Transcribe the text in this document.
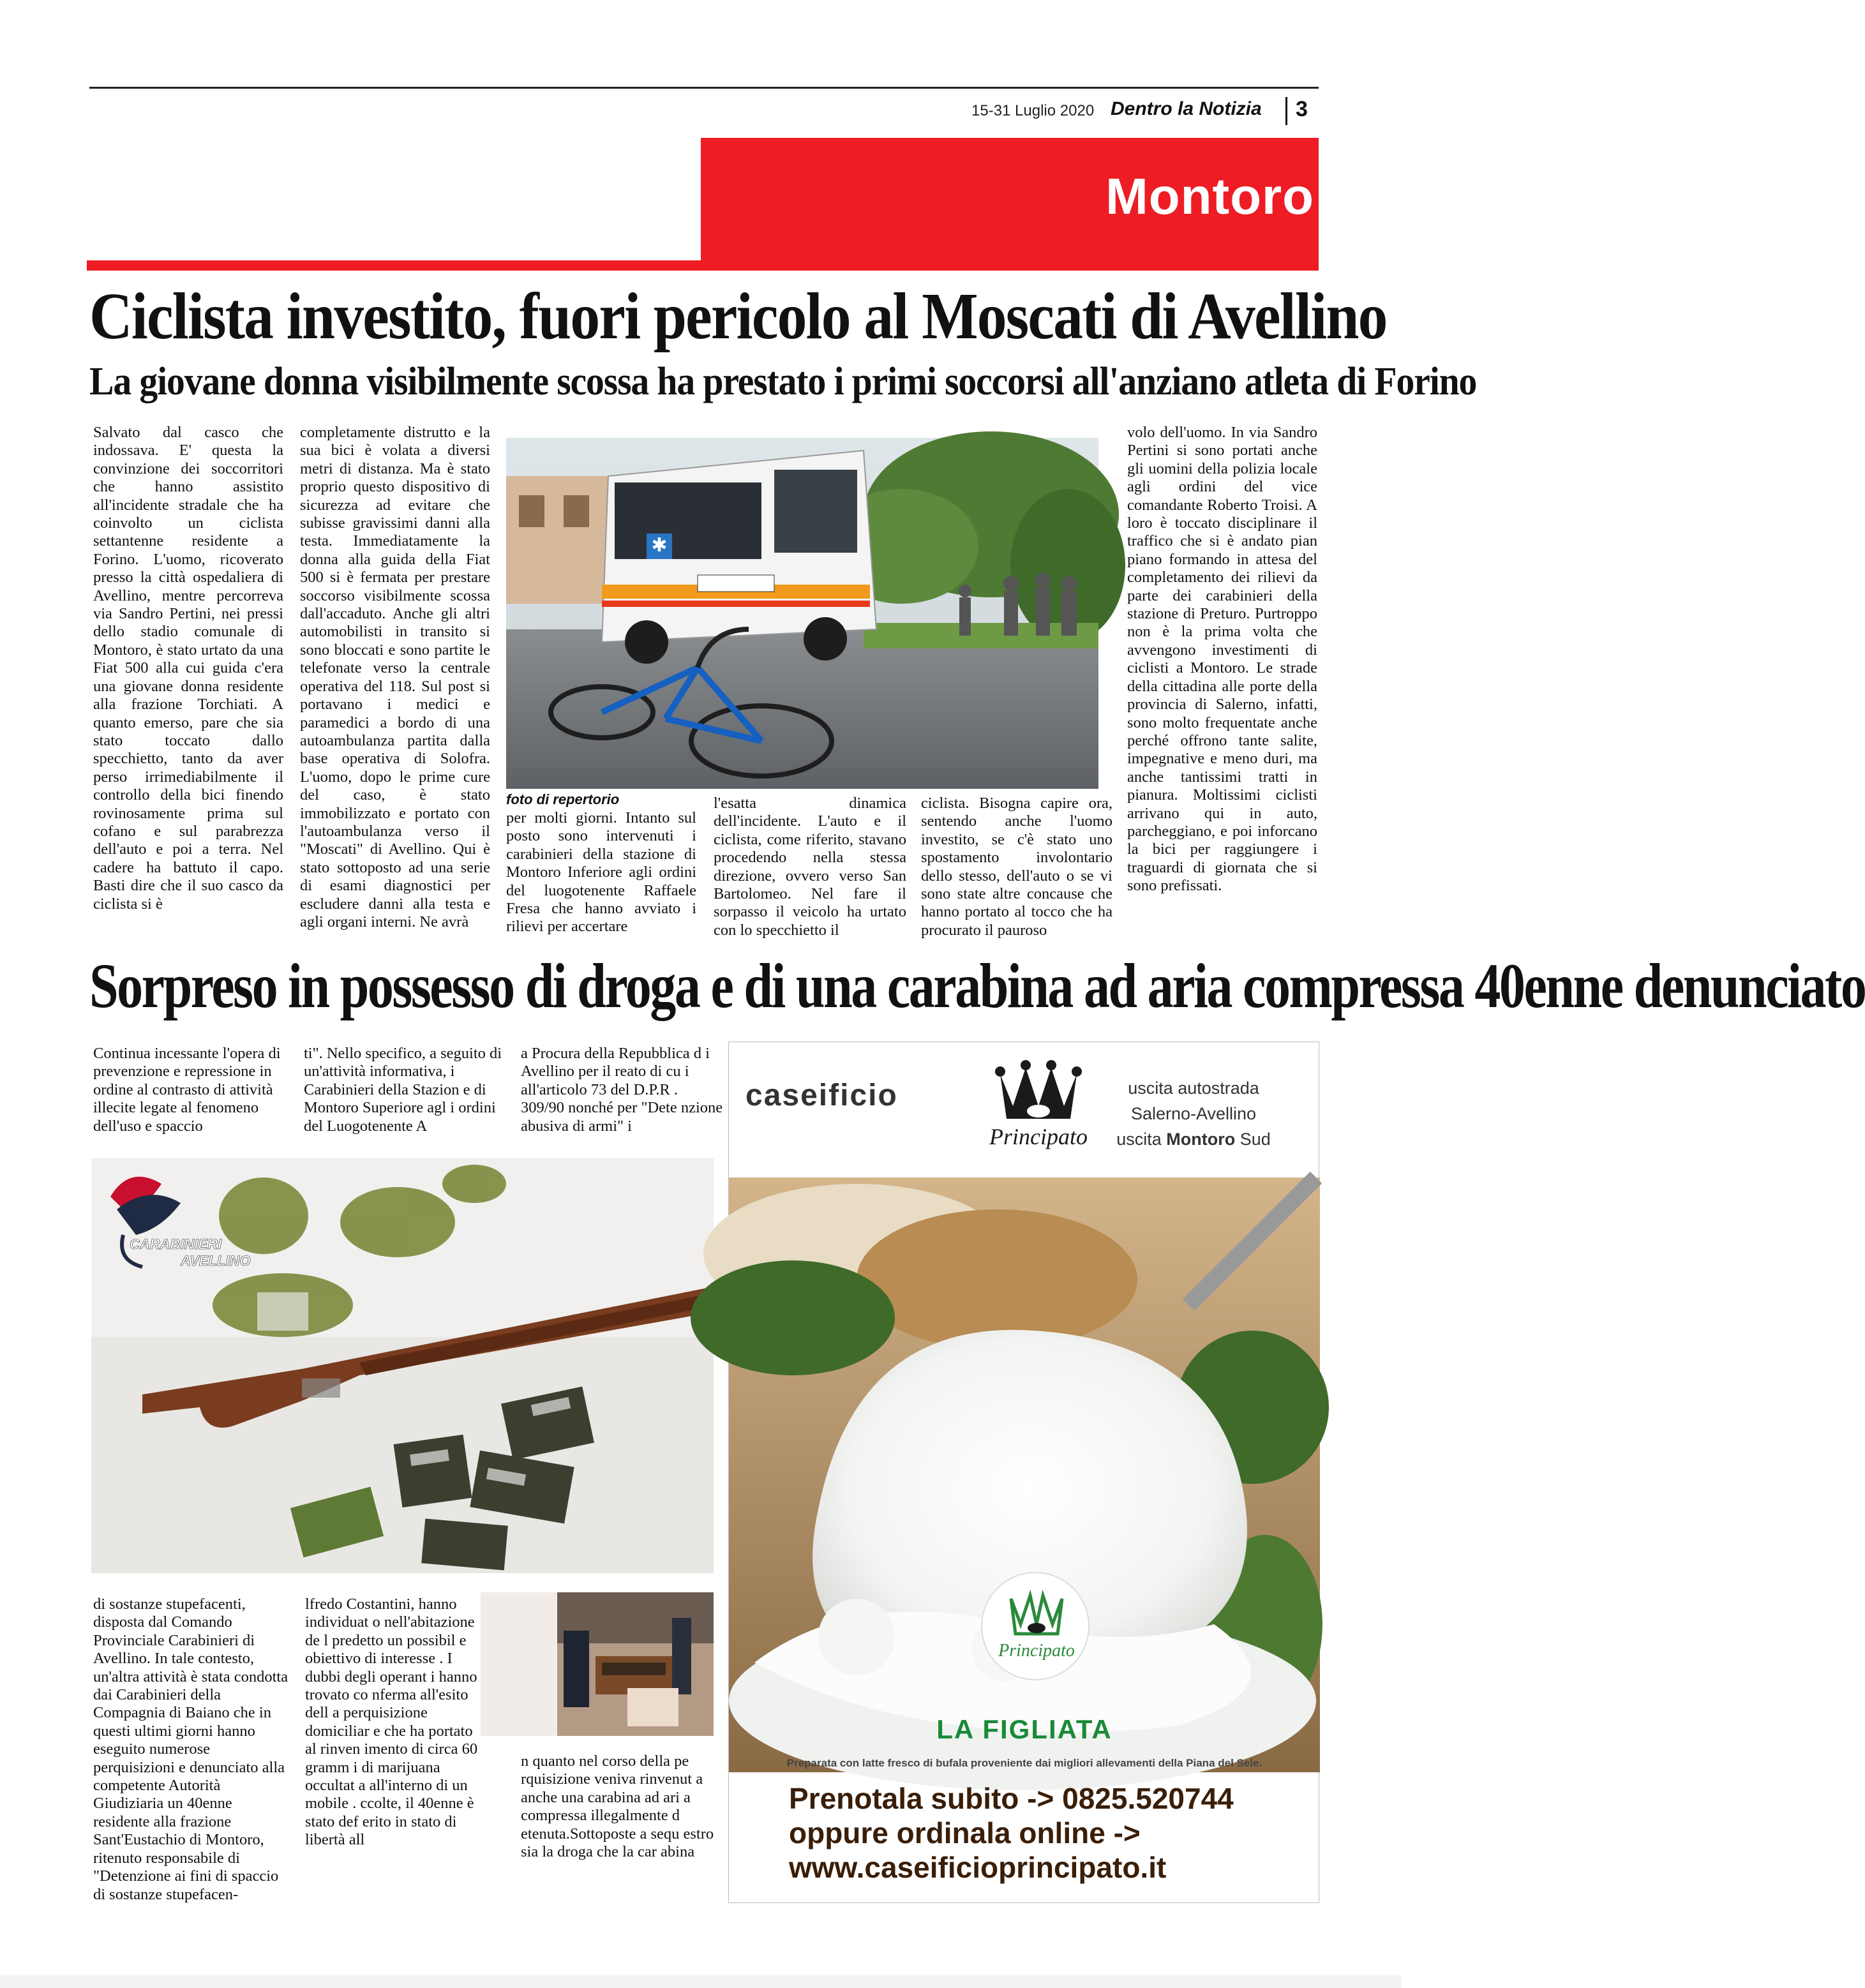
15-31 Luglio 2020 Dentro la Notizia 3
Montoro
Ciclista investito, fuori pericolo al Moscati di Avellino
La giovane donna visibilmente scossa ha prestato i primi soccorsi all'anziano atleta di Forino
Salvato dal casco che indossava. E' questa la convinzione dei soccorritori che hanno assistito all'incidente stradale che ha coinvolto un ciclista settantenne residente a Forino. L'uomo, ricoverato presso la città ospedaliera di Avellino, mentre percorreva via Sandro Pertini, nei pressi dello stadio comunale di Montoro, è stato urtato da una Fiat 500 alla cui guida c'era una giovane donna residente alla frazione Torchiati. A quanto emerso, pare che sia stato toccato dallo specchietto, tanto da aver perso irrimediabilmente il controllo della bici finendo rovinosamente prima sul cofano e sul parabrezza dell'auto e poi a terra. Nel cadere ha battuto il capo. Basti dire che il suo casco da ciclista si è
completamente distrutto e la sua bici è volata a diversi metri di distanza. Ma è stato proprio questo dispositivo di sicurezza ad evitare che subisse gravissimi danni alla testa. Immediatamente la donna alla guida della Fiat 500 si è fermata per prestare soccorso visibilmente scossa dall'accaduto. Anche gli altri automobilisti in transito si sono bloccati e sono partite le telefonate verso la centrale operativa del 118. Sul post si portavano i medici e paramedici a bordo di una autoambulanza partita dalla base operativa di Solofra. L'uomo, dopo le prime cure del caso, è stato immobilizzato e portato con l'autoambulanza verso il "Moscati" di Avellino. Qui è stato sottoposto ad una serie di esami diagnostici per escludere danni alla testa e agli organi interni. Ne avrà
✱
foto di repertorio
per molti giorni. Intanto sul posto sono intervenuti i carabinieri della stazione di Montoro Inferiore agli ordini del luogotenente Raffaele Fresa che hanno avviato i rilievi per accertare
l'esatta dinamica dell'incidente. L'auto e il ciclista, come riferito, stavano procedendo nella stessa direzione, ovvero verso San Bartolomeo. Nel fare il sorpasso il veicolo ha urtato con lo specchietto il
ciclista. Bisogna capire ora, sentendo anche l'uomo investito, se c'è stato uno spostamento involontario dello stesso, dell'auto o se vi sono state altre concause che hanno portato al tocco che ha procurato il pauroso
volo dell'uomo. In via Sandro Pertini si sono portati anche gli uomini della polizia locale agli ordini del vice comandante Roberto Troisi. A loro è toccato disciplinare il traffico che si è andato pian piano formando in attesa del completamento dei rilievi da parte dei carabinieri della stazione di Preturo. Purtroppo non è la prima volta che avvengono investimenti di ciclisti a Montoro. Le strade della cittadina alle porte della provincia di Salerno, infatti, sono molto frequentate anche perché offrono tante salite, impegnative e meno duri, ma anche tantissimi tratti in pianura. Moltissimi ciclisti arrivano qui in auto, parcheggiano, e poi inforcano la bici per raggiungere i traguardi di giornata che si sono prefissati.
Sorpreso in possesso di droga e di una carabina ad aria compressa 40enne denunciato
Continua incessante l'opera di prevenzione e repressione in ordine al contrasto di attività illecite legate al fenomeno dell'uso e spaccio
ti". Nello specifico, a seguito di un'attività informativa, i Carabinieri della Stazion e di Montoro Superiore agl i ordini del Luogotenente A
a Procura della Repubblica d i Avellino per il reato di cu i all'articolo 73 del D.P.R . 309/90 nonché per "Dete nzione abusiva di armi" i
CARABINIERI
AVELLINO
di sostanze stupefacenti, disposta dal Comando Provinciale Carabinieri di Avellino. In tale contesto, un'altra attività è stata condotta dai Carabinieri della Compagnia di Baiano che in questi ultimi giorni hanno eseguito numerose perquisizioni e denunciato alla competente Autorità Giudiziaria un 40enne residente alla frazione Sant'Eustachio di Montoro, ritenuto responsabile di "Detenzione ai fini di spaccio di sostanze stupefacen-
lfredo Costantini, hanno individuat o nell'abitazione de l predetto un possibil e obiettivo di interesse . I dubbi degli operant i hanno trovato co nferma all'esito dell a perquisizione domiciliar e che ha portato al rinven imento di circa 60 gramm i di marijuana occultat a all'interno di un mobile . ccolte, il 40enne è stato def erito in stato di libertà all
n quanto nel corso della pe rquisizione veniva rinvenut a anche una carabina ad ari a compressa illegalmente d etenuta.Sottoposte a sequ estro sia la droga che la car abina
caseificio
Principato
uscita autostrada
Salerno-Avellino
uscita Montoro Sud
Principato
LA FIGLIATA
Preparata con latte fresco di bufala proveniente dai migliori allevamenti della Piana del Sele.
Prenotala subito -> 0825.520744
oppure ordinala online ->
www.caseificioprincipato.it
